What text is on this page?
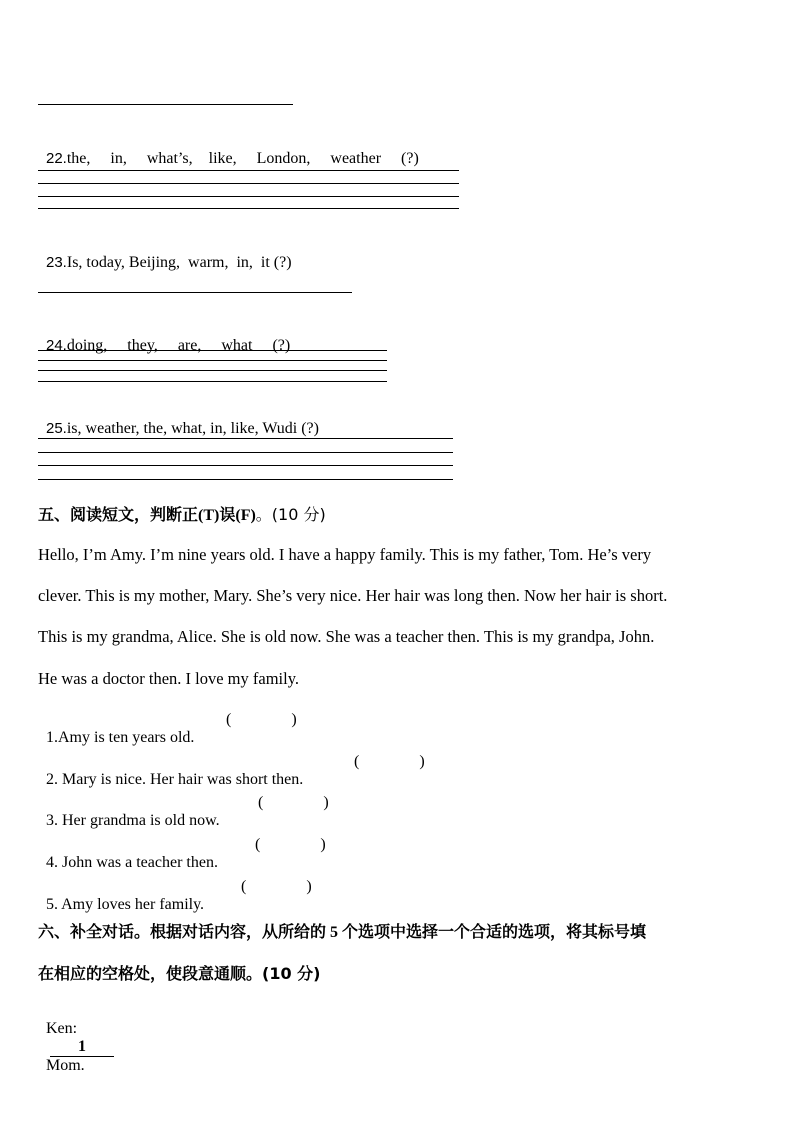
22.the,     in,     what’s,    like,     London,     weather     (?)

23.Is, today, Beijing,  warm,  in,  it (?)

24.doing,     they,     are,     what     (?)

25.is, weather, the, what, in, like, Wudi (?)

五、阅读短文，判断正(T)误(F)。(10 分)
Hello, I’m Amy. I’m nine years old. I have a happy family. This is my father, Tom. He’s very
clever. This is my mother, Mary. She’s very nice. Her hair was long then. Now her hair is short.
This is my grandma, Alice. She is old now. She was a teacher then. This is my grandpa, John.
He was a doctor then. I love my family.

1.Amy is ten years old.

(	)

2. Mary is nice. Her hair was short then.

(	)

3. Her grandma is old now.

(	)

4. John was a teacher then.

(	)

5. Amy loves her family.

(	)
六、补全对话。根据对话内容，从所给的 5 个选项中选择一个合适的选项，将其标号填
在相应的空格处，使段意通顺。(10 分)

Ken:
1
Mom.
